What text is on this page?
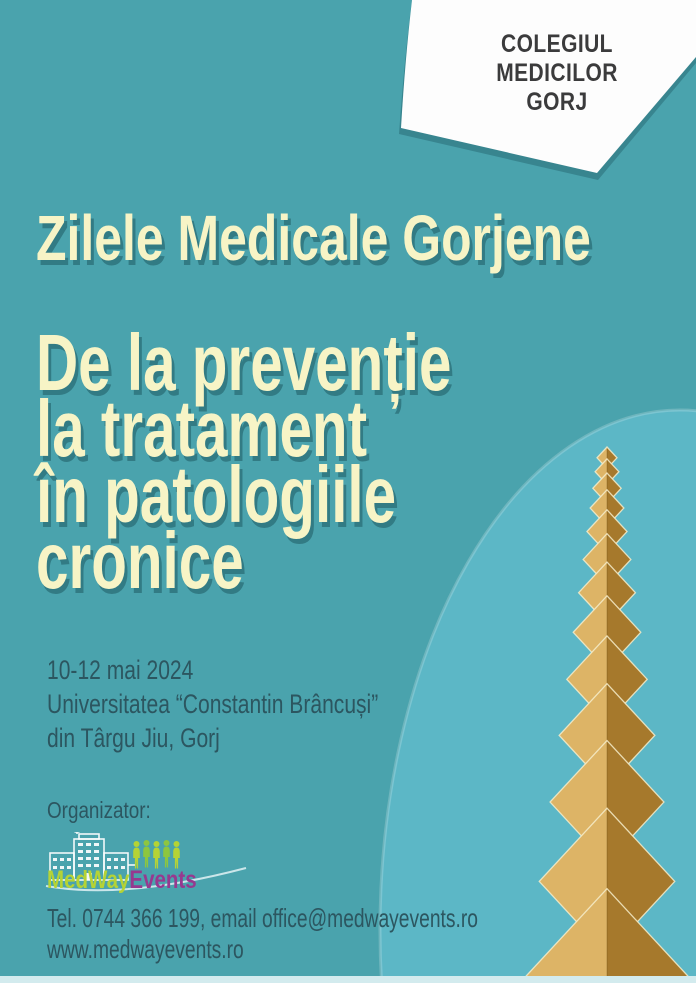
COLEGIUL
MEDICILOR
GORJ
Zilele Medicale Gorjene
De la prevenție
la tratament
în patologiile
cronice
10-12 mai 2024
Universitatea “Constantin Brâncuși”
din Târgu Jiu, Gorj
Organizator:
MedWayEvents
Tel. 0744 366 199, email office@medwayevents.ro
www.medwayevents.ro
